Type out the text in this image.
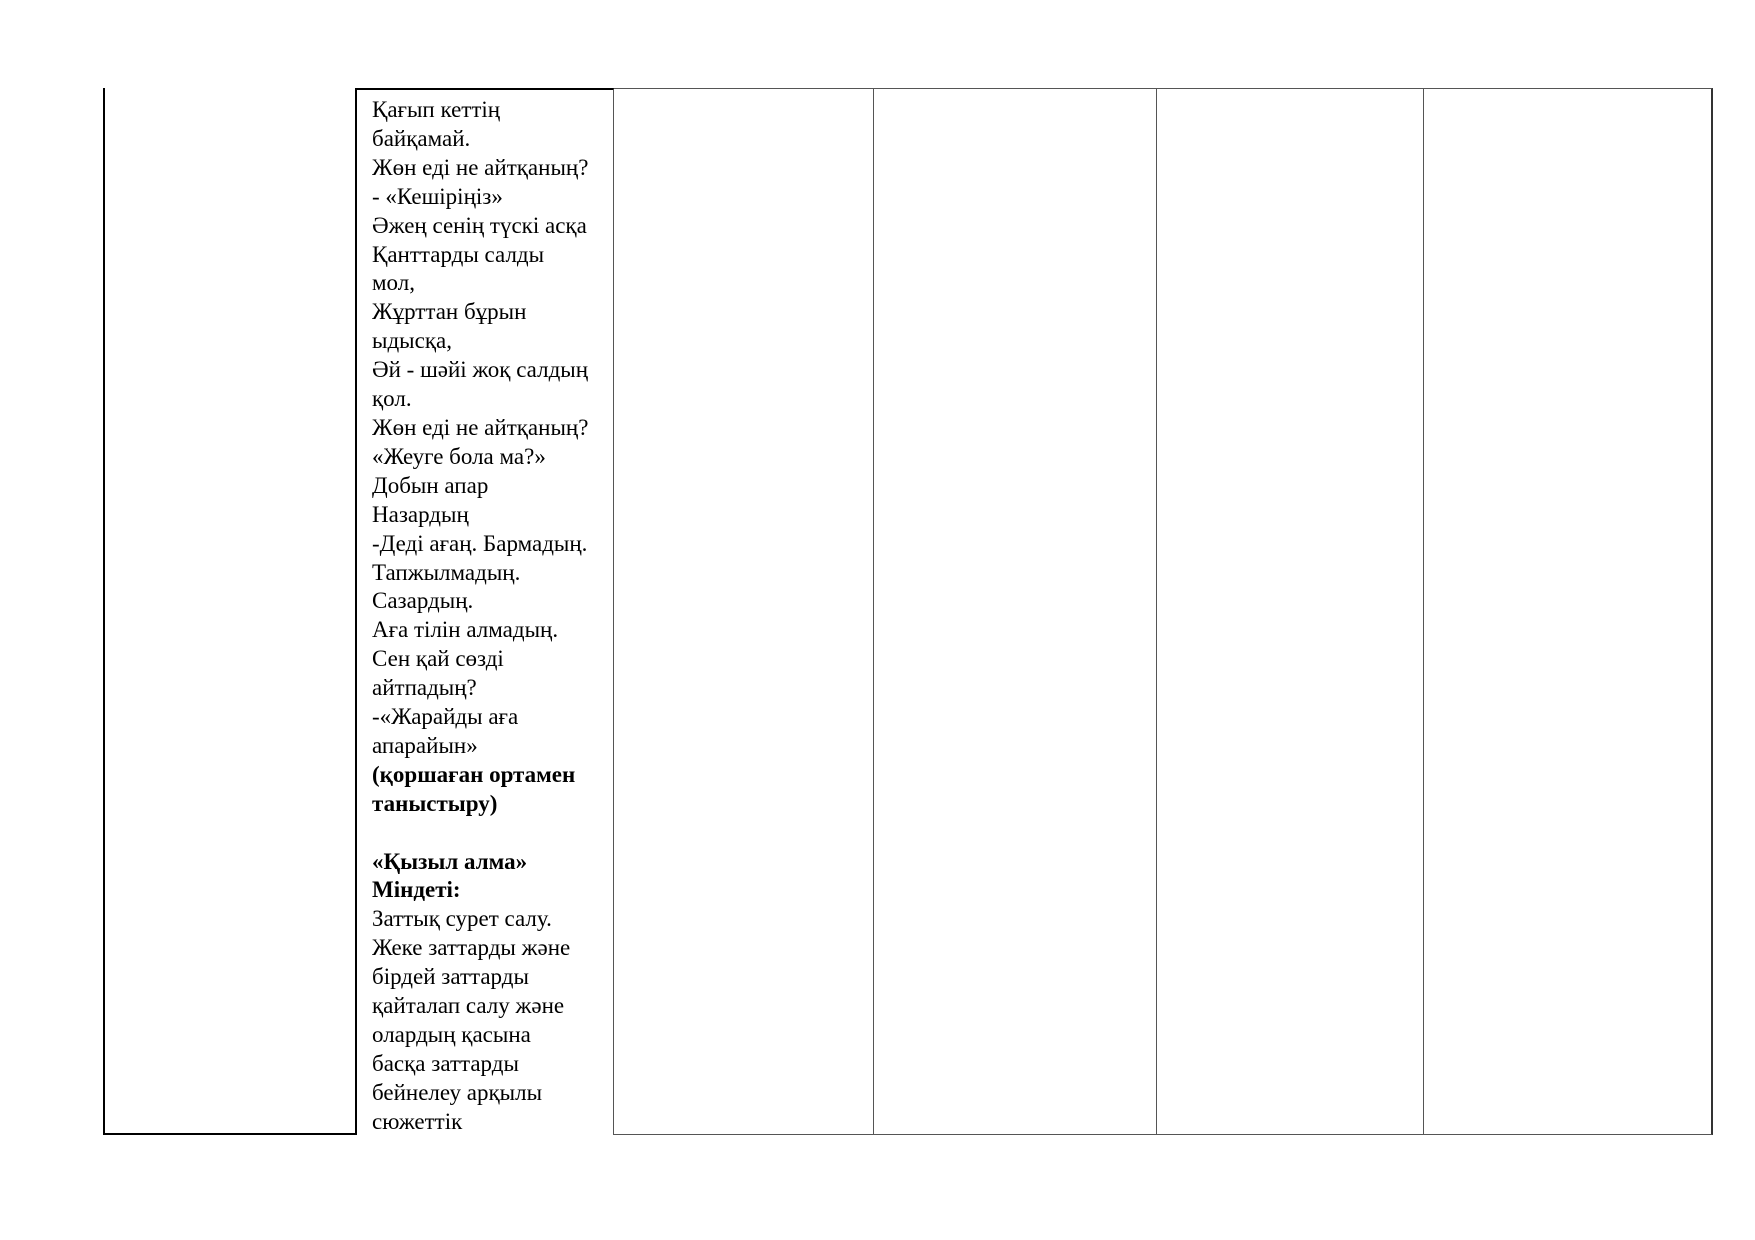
Қағып кеттің
байқамай.
Жөн еді не айтқаның?
- «Кешіріңіз»
Әжең сенің түскі асқа
Қанттарды салды
мол,
Жұрттан бұрын
ыдысқа,
Әй - шәйі жоқ салдың
қол.
Жөн еді не айтқаның?
«Жеуге бола ма?»
Добын апар
Назардың
-Деді ағаң. Бармадың.
Тапжылмадың.
Сазардың.
Аға тілін алмадың.
Сен қай сөзді
айтпадың?
-«Жарайды аға
апарайын»
(қоршаған ортамен
таныстыру)
«Қызыл алма»
Міндеті:
Заттық сурет салу.
Жеке заттарды және
бірдей заттарды
қайталап салу және
олардың қасына
басқа заттарды
бейнелеу арқылы
сюжеттік
